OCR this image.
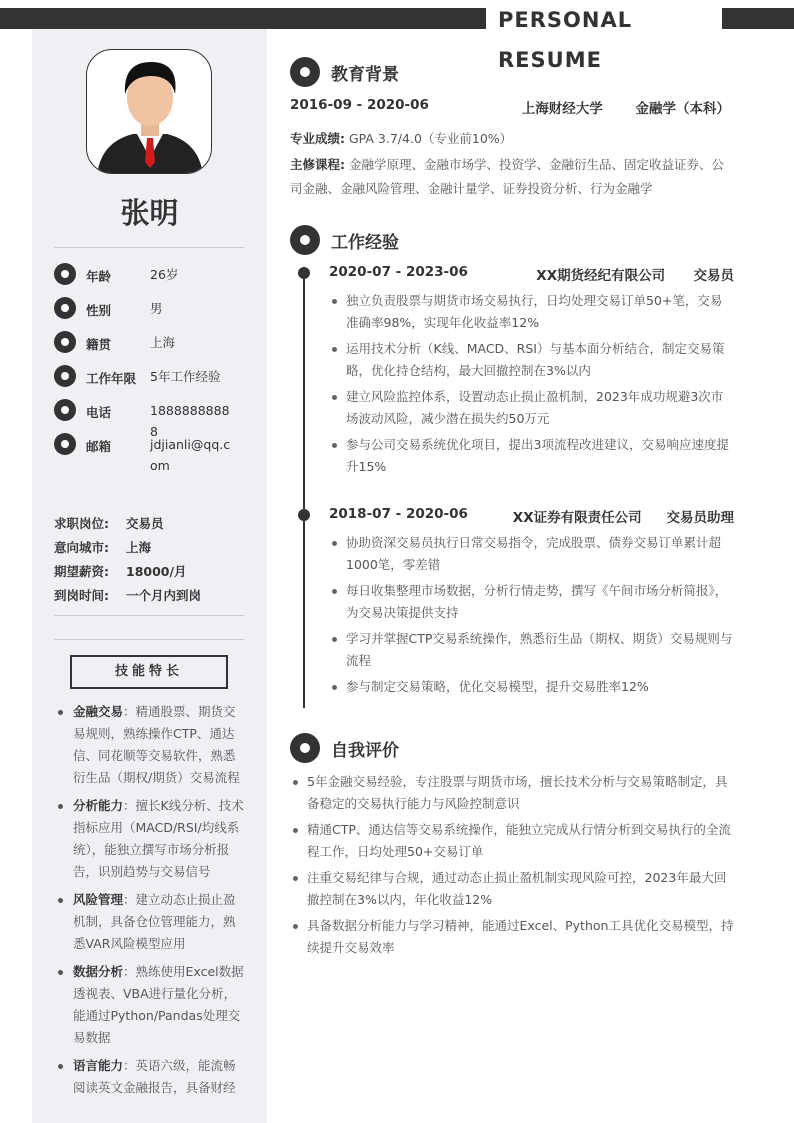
PERSONAL RESUME
张明
年龄	26岁
性别	男
籍贯	上海
工作年限	5年工作经验
电话	18888888888
邮箱	jdjianli@qq.com
求职岗位: 交易员
意向城市: 上海
期望薪资: 18000/月
到岗时间: 一个月内到岗
技能特长
金融交易：精通股票、期货交易规则，熟练操作CTP、通达信、同花顺等交易软件，熟悉衍生品（期权/期货）交易流程
分析能力：擅长K线分析、技术指标应用（MACD/RSI/均线系统），能独立撰写市场分析报告，识别趋势与交易信号
风险管理：建立动态止损止盈机制，具备仓位管理能力，熟悉VAR风险模型应用
数据分析：熟练使用Excel数据透视表、VBA进行量化分析，能通过Python/Pandas处理交易数据
语言能力：英语六级，能流畅阅读英文金融报告，具备财经
教育背景
2016-09 - 2020-06	上海财经大学 金融学（本科）
专业成绩: GPA 3.7/4.0（专业前10%）
主修课程: 金融学原理、金融市场学、投资学、金融衍生品、固定收益证券、公司金融、金融风险管理、金融计量学、证券投资分析、行为金融学
工作经验
2020-07 - 2023-06	XX期货经纪有限公司 交易员
独立负责股票与期货市场交易执行，日均处理交易订单50+笔，交易准确率98%，实现年化收益率12%
运用技术分析（K线、MACD、RSI）与基本面分析结合，制定交易策略，优化持仓结构，最大回撤控制在3%以内
建立风险监控体系，设置动态止损止盈机制，2023年成功规避3次市场波动风险，减少潜在损失约50万元
参与公司交易系统优化项目，提出3项流程改进建议，交易响应速度提升15%
2018-07 - 2020-06	XX证券有限责任公司 交易员助理
协助资深交易员执行日常交易指令，完成股票、债券交易订单累计超1000笔，零差错
每日收集整理市场数据，分析行情走势，撰写《午间市场分析简报》，为交易决策提供支持
学习并掌握CTP交易系统操作，熟悉衍生品（期权、期货）交易规则与流程
参与制定交易策略，优化交易模型，提升交易胜率12%
自我评价
5年金融交易经验，专注股票与期货市场，擅长技术分析与交易策略制定，具备稳定的交易执行能力与风险控制意识
精通CTP、通达信等交易系统操作，能独立完成从行情分析到交易执行的全流程工作，日均处理50+交易订单
注重交易纪律与合规，通过动态止损止盈机制实现风险可控，2023年最大回撤控制在3%以内，年化收益12%
具备数据分析能力与学习精神，能通过Excel、Python工具优化交易模型，持续提升交易效率
